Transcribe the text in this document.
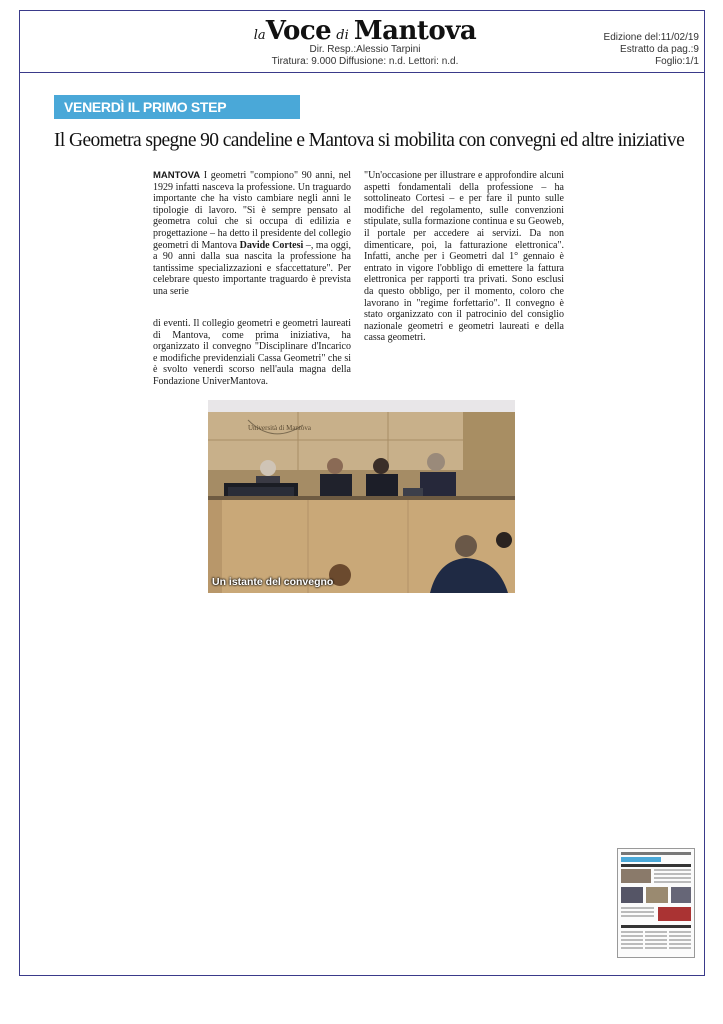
laVoce di Mantova
Dir. Resp.:Alessio Tarpini
Tiratura: 9.000 Diffusione: n.d. Lettori: n.d.
Edizione del:11/02/19
Estratto da pag.:9
Foglio:1/1
VENERDÌ IL PRIMO STEP
Il Geometra spegne 90 candeline e Mantova si mobilita con convegni ed altre iniziative

MANTOVA I geometri "compiono" 90 anni, nel 1929 infatti nasceva la professione. Un traguardo importante che ha visto cambiare negli anni le tipologie di lavoro. "Si è sempre pensato al geometra colui che si occupa di edilizia e progettazione – ha detto il presidente del collegio geometri di Mantova Davide Cortesi –, ma oggi, a 90 anni dalla sua nascita la professione ha tantissime specializzazioni e sfaccettature". Per celebrare questo importante traguardo è prevista una serie

di eventi. Il collegio geometri e geometri laureati di Mantova, come prima iniziativa, ha organizzato il convegno "Disciplinare d'Incarico e modifiche previdenziali Cassa Geometri" che si è svolto venerdì scorso nell'aula magna della Fondazione UniverMantova.

"Un'occasione per illustrare e approfondire alcuni aspetti fondamentali della professione – ha sottolineato Cortesi – e per fare il punto sulle modifiche del regolamento, sulle convenzioni stipulate, sulla formazione continua e su Geoweb, il portale per accedere ai servizi. Da non dimenticare, poi, la fatturazione elettronica". Infatti, anche per i Geometri dal 1° gennaio è entrato in vigore l'obbligo di emettere la fattura elettronica per rapporti tra privati. Sono esclusi da questo obbligo, per il momento, coloro che lavorano in "regime forfettario". Il convegno è stato organizzato con il patrocinio del consiglio nazionale geometri e geometri laureati e della cassa geometri.

Università di Mantova
Un istante del convegno
